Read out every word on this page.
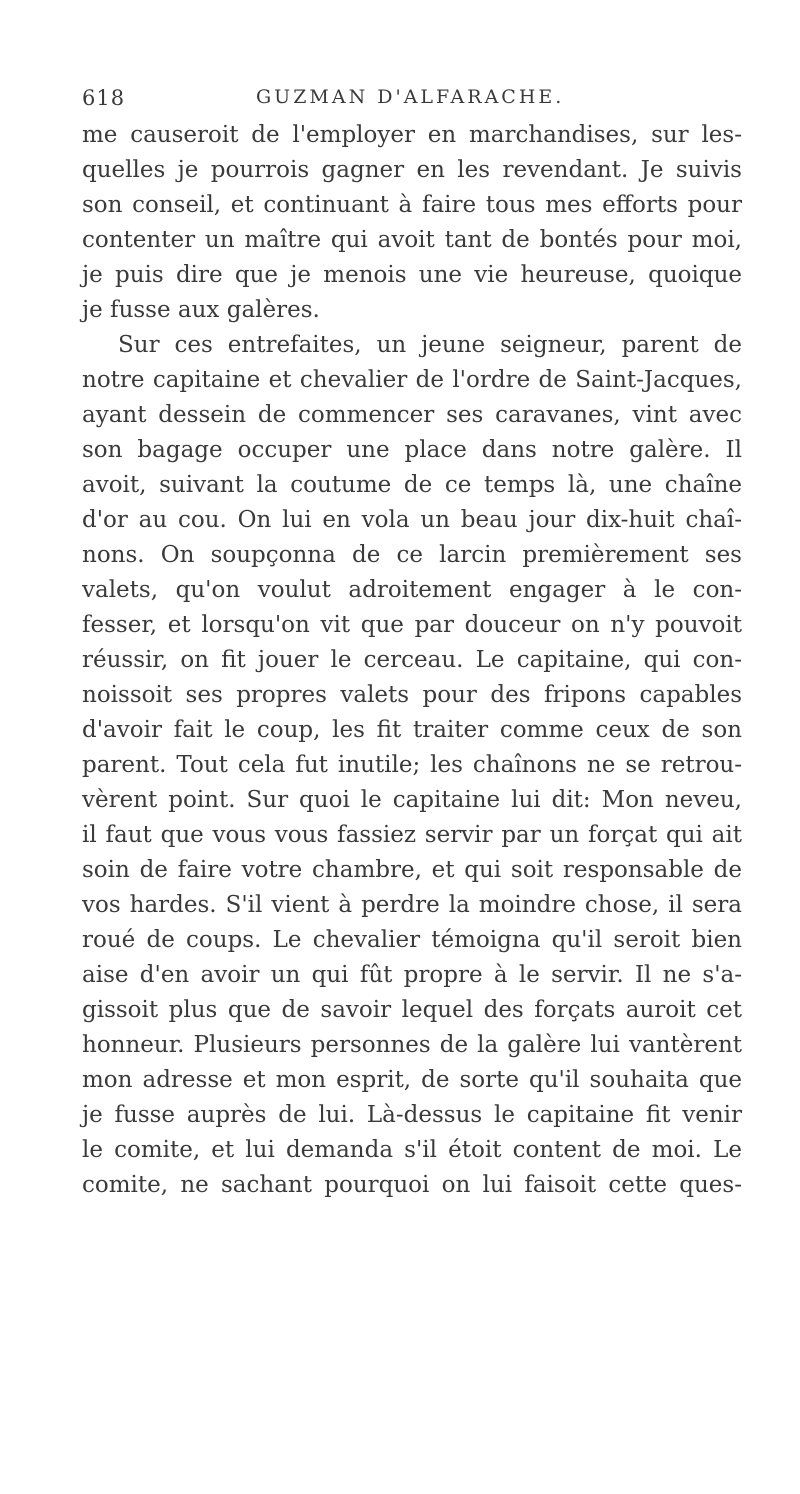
618	GUZMAN D'ALFARACHE.
me causeroit de l'employer en marchandises, sur les-
quelles je pourrois gagner en les revendant. Je suivis
son conseil, et continuant à faire tous mes efforts pour
contenter un maître qui avoit tant de bontés pour moi,
je puis dire que je menois une vie heureuse, quoique
je fusse aux galères.
Sur ces entrefaites, un jeune seigneur, parent de
notre capitaine et chevalier de l'ordre de Saint-Jacques,
ayant dessein de commencer ses caravanes, vint avec
son bagage occuper une place dans notre galère. Il
avoit, suivant la coutume de ce temps là, une chaîne
d'or au cou. On lui en vola un beau jour dix-huit chaî-
nons. On soupçonna de ce larcin premièrement ses
valets, qu'on voulut adroitement engager à le con-
fesser, et lorsqu'on vit que par douceur on n'y pouvoit
réussir, on fit jouer le cerceau. Le capitaine, qui con-
noissoit ses propres valets pour des fripons capables
d'avoir fait le coup, les fit traiter comme ceux de son
parent. Tout cela fut inutile; les chaînons ne se retrou-
vèrent point. Sur quoi le capitaine lui dit: Mon neveu,
il faut que vous vous fassiez servir par un forçat qui ait
soin de faire votre chambre, et qui soit responsable de
vos hardes. S'il vient à perdre la moindre chose, il sera
roué de coups. Le chevalier témoigna qu'il seroit bien
aise d'en avoir un qui fût propre à le servir. Il ne s'a-
gissoit plus que de savoir lequel des forçats auroit cet
honneur. Plusieurs personnes de la galère lui vantèrent
mon adresse et mon esprit, de sorte qu'il souhaita que
je fusse auprès de lui. Là-dessus le capitaine fit venir
le comite, et lui demanda s'il étoit content de moi. Le
comite, ne sachant pourquoi on lui faisoit cette ques-
